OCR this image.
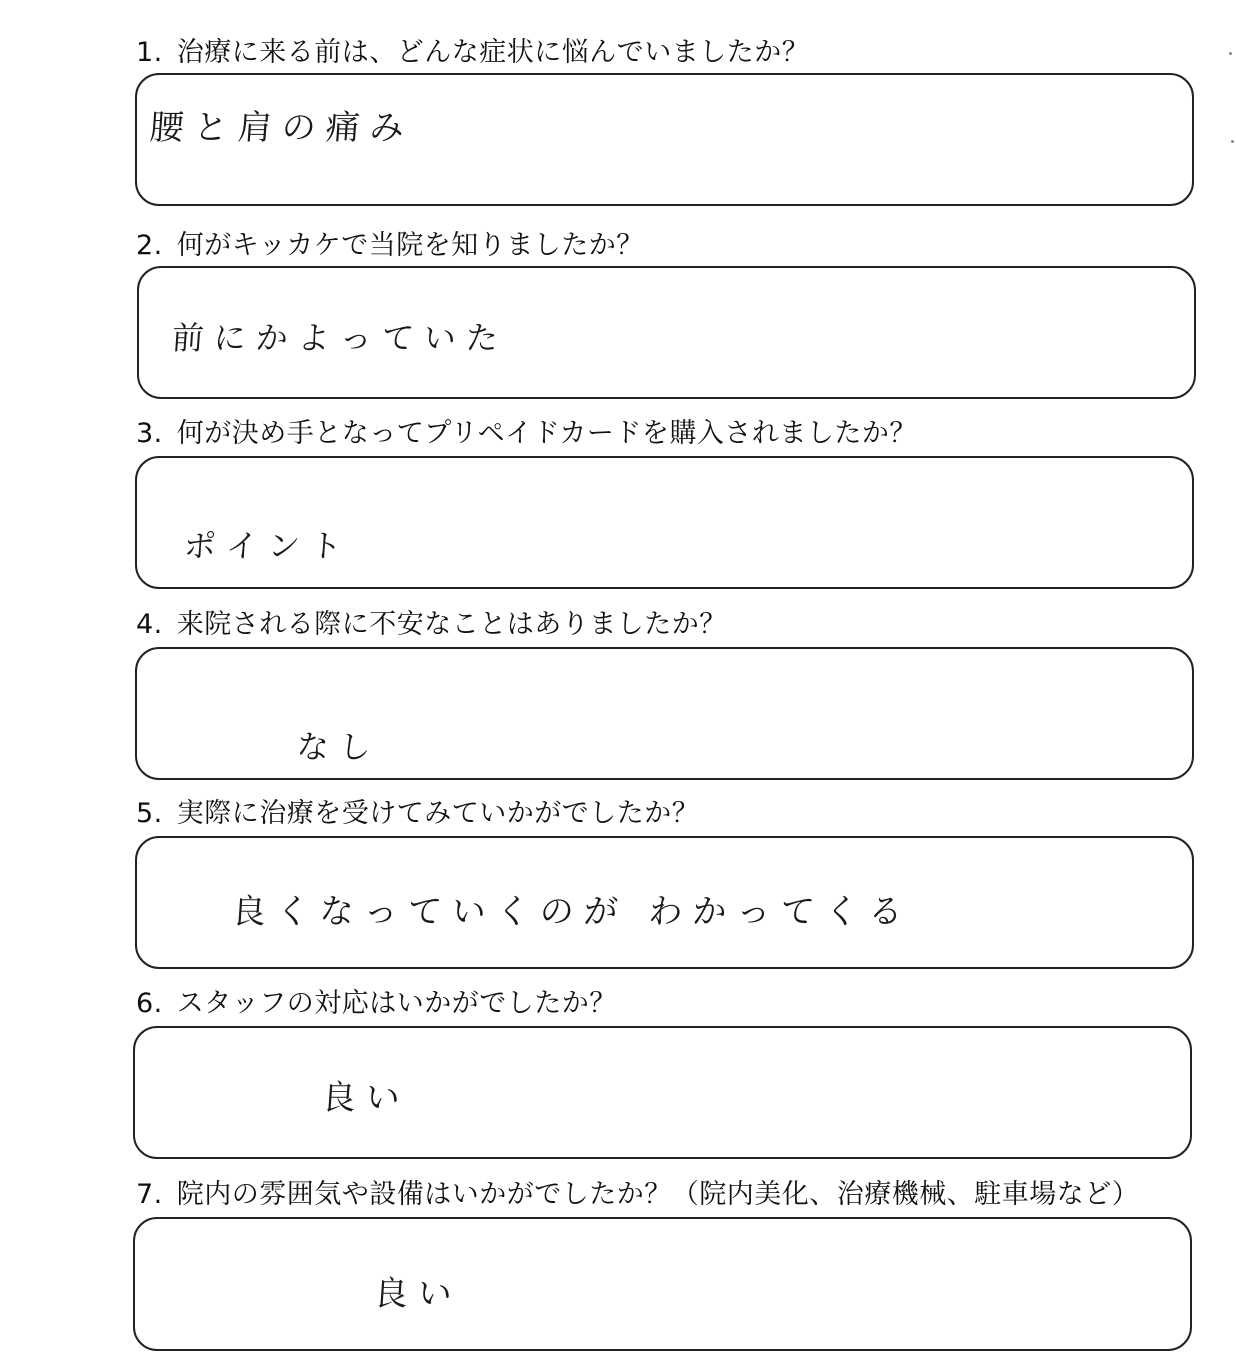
1. 治療に来る前は、どんな症状に悩んでいましたか？
腰と肩の痛み
2. 何がキッカケで当院を知りましたか？
前にかよっていた
3. 何が決め手となってプリペイドカードを購入されましたか？
ポイント
4. 来院される際に不安なことはありましたか？
なし
5. 実際に治療を受けてみていかがでしたか？
良くなっていくのが わかってくる
6. スタッフの対応はいかがでしたか？
良い
7. 院内の雰囲気や設備はいかがでしたか？（院内美化、治療機械、駐車場など）
良い
